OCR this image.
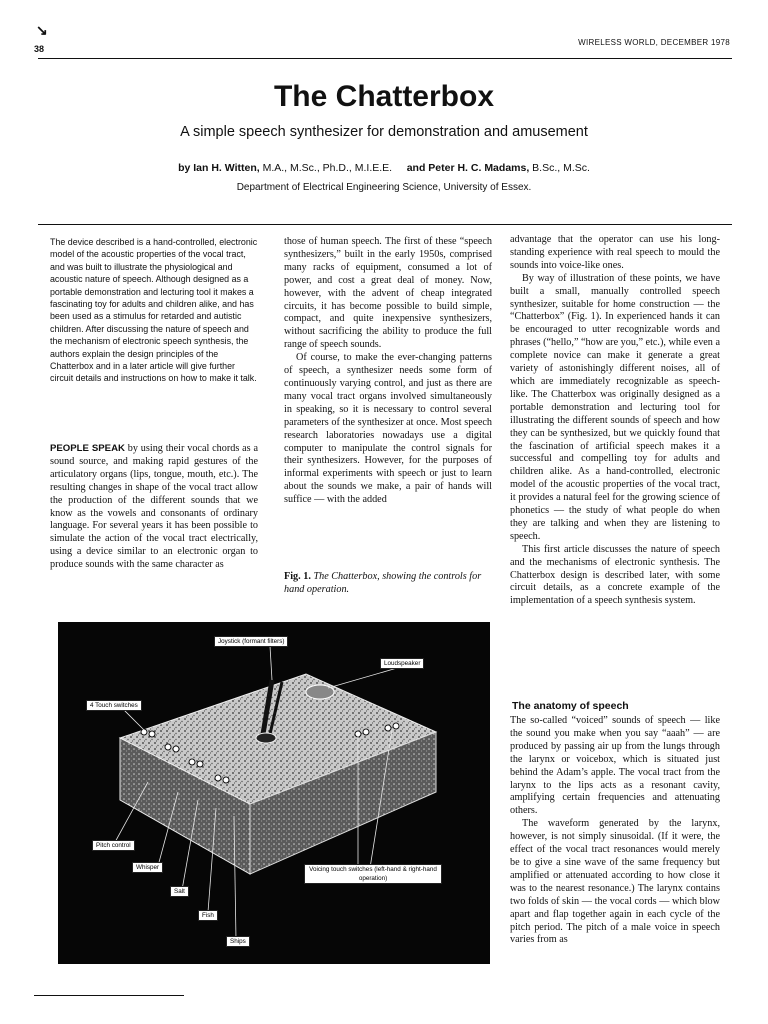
↘
38
WIRELESS WORLD, DECEMBER 1978
The Chatterbox
A simple speech synthesizer for demonstration and amusement
by Ian H. Witten, M.A., M.Sc., Ph.D., M.I.E.E. and Peter H. C. Madams, B.Sc., M.Sc.
Department of Electrical Engineering Science, University of Essex.
The device described is a hand-controlled, electronic model of the acoustic properties of the vocal tract, and was built to illustrate the physiological and acoustic nature of speech. Although designed as a portable demonstration and lecturing tool it makes a fascinating toy for adults and children alike, and has been used as a stimulus for retarded and autistic children. After discussing the nature of speech and the mechanism of electronic speech synthesis, the authors explain the design principles of the Chatterbox and in a later article will give further circuit details and instructions on how to make it talk.

PEOPLE SPEAK by using their vocal chords as a sound source, and making rapid gestures of the articulatory organs (lips, tongue, mouth, etc.). The resulting changes in shape of the vocal tract allow the production of the different sounds that we know as the vowels and consonants of ordinary language. For several years it has been possible to simulate the action of the vocal tract electrically, using a device similar to an electronic organ to produce sounds with the same character as

those of human speech. The first of these “speech synthesizers,” built in the early 1950s, comprised many racks of equipment, consumed a lot of power, and cost a great deal of money. Now, however, with the advent of cheap integrated circuits, it has become possible to build simple, compact, and quite inexpensive synthesizers, without sacrificing the ability to produce the full range of speech sounds.

Of course, to make the ever-changing patterns of speech, a synthesizer needs some form of continuously varying control, and just as there are many vocal tract organs involved simultaneously in speaking, so it is necessary to control several parameters of the synthesizer at once. Most speech research laboratories nowadays use a digital computer to manipulate the control signals for their synthesizers. However, for the purposes of informal experiments with speech or just to learn about the sounds we make, a pair of hands will suffice — with the added

Fig. 1. The Chatterbox, showing the controls for hand operation.

advantage that the operator can use his long-standing experience with real speech to mould the sounds into voice-like ones.

By way of illustration of these points, we have built a small, manually controlled speech synthesizer, suitable for home construction — the “Chatterbox” (Fig. 1). In experienced hands it can be encouraged to utter recognizable words and phrases (“hello,” “how are you,” etc.), while even a complete novice can make it generate a great variety of astonishingly different noises, all of which are immediately recognizable as speech-like. The Chatterbox was originally designed as a portable demonstration and lecturing tool for illustrating the different sounds of speech and how they can be synthesized, but we quickly found that the fascination of artificial speech makes it a successful and compelling toy for adults and children alike. As a hand-controlled, electronic model of the acoustic properties of the vocal tract, it provides a natural feel for the growing science of phonetics — the study of what people do when they are talking and when they are listening to speech.

This first article discusses the nature of speech and the mechanisms of electronic synthesis. The Chatterbox design is described later, with some circuit details, as a concrete example of the implementation of a speech synthesis system.

The anatomy of speech

The so-called “voiced” sounds of speech — like the sound you make when you say “aaah” — are produced by passing air up from the lungs through the larynx or voicebox, which is situated just behind the Adam’s apple. The vocal tract from the larynx to the lips acts as a resonant cavity, amplifying certain frequencies and attenuating others.

The waveform generated by the larynx, however, is not simply sinusoidal. (If it were, the effect of the vocal tract resonances would merely be to give a sine wave of the same frequency but amplified or attenuated according to how close it was to the nearest resonance.) The larynx contains two folds of skin — the vocal cords — which blow apart and flap together again in each cycle of the pitch period. The pitch of a male voice in speech varies from as

Joystick (formant filters)
Loudspeaker
4 Touch switches
Pitch control
Whisper
Salt
Fish
Ships
Voicing touch switches (left-hand & right-hand operation)
